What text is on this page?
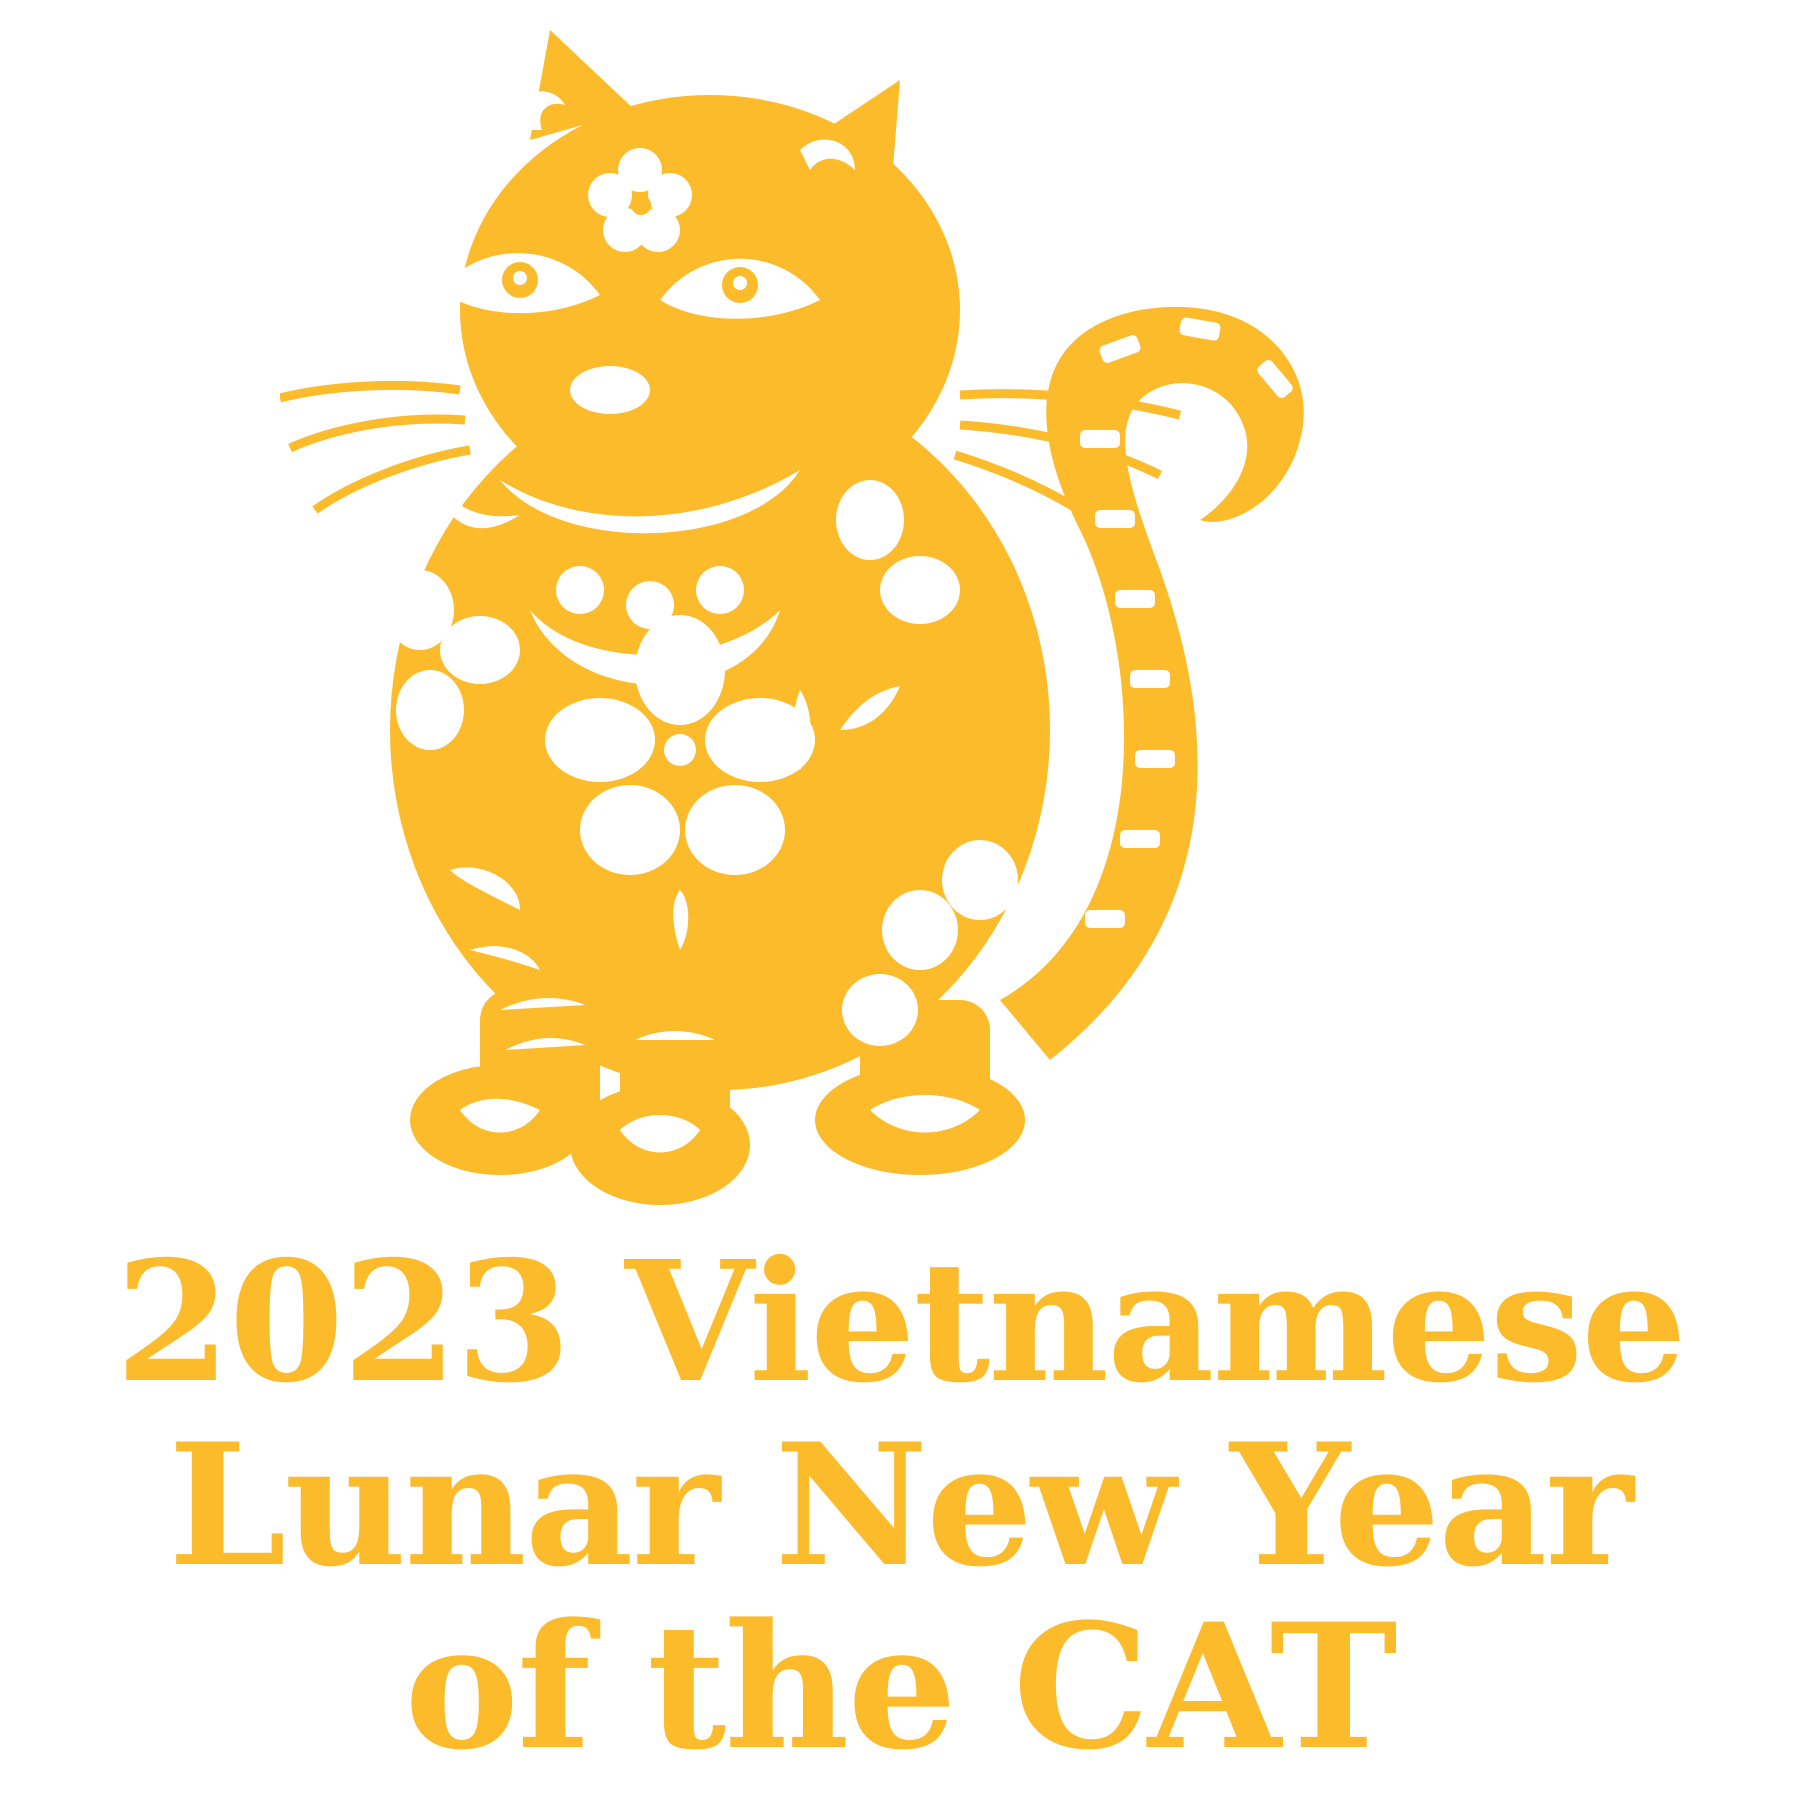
2023 Vietnamese
Lunar New Year
of the CAT
